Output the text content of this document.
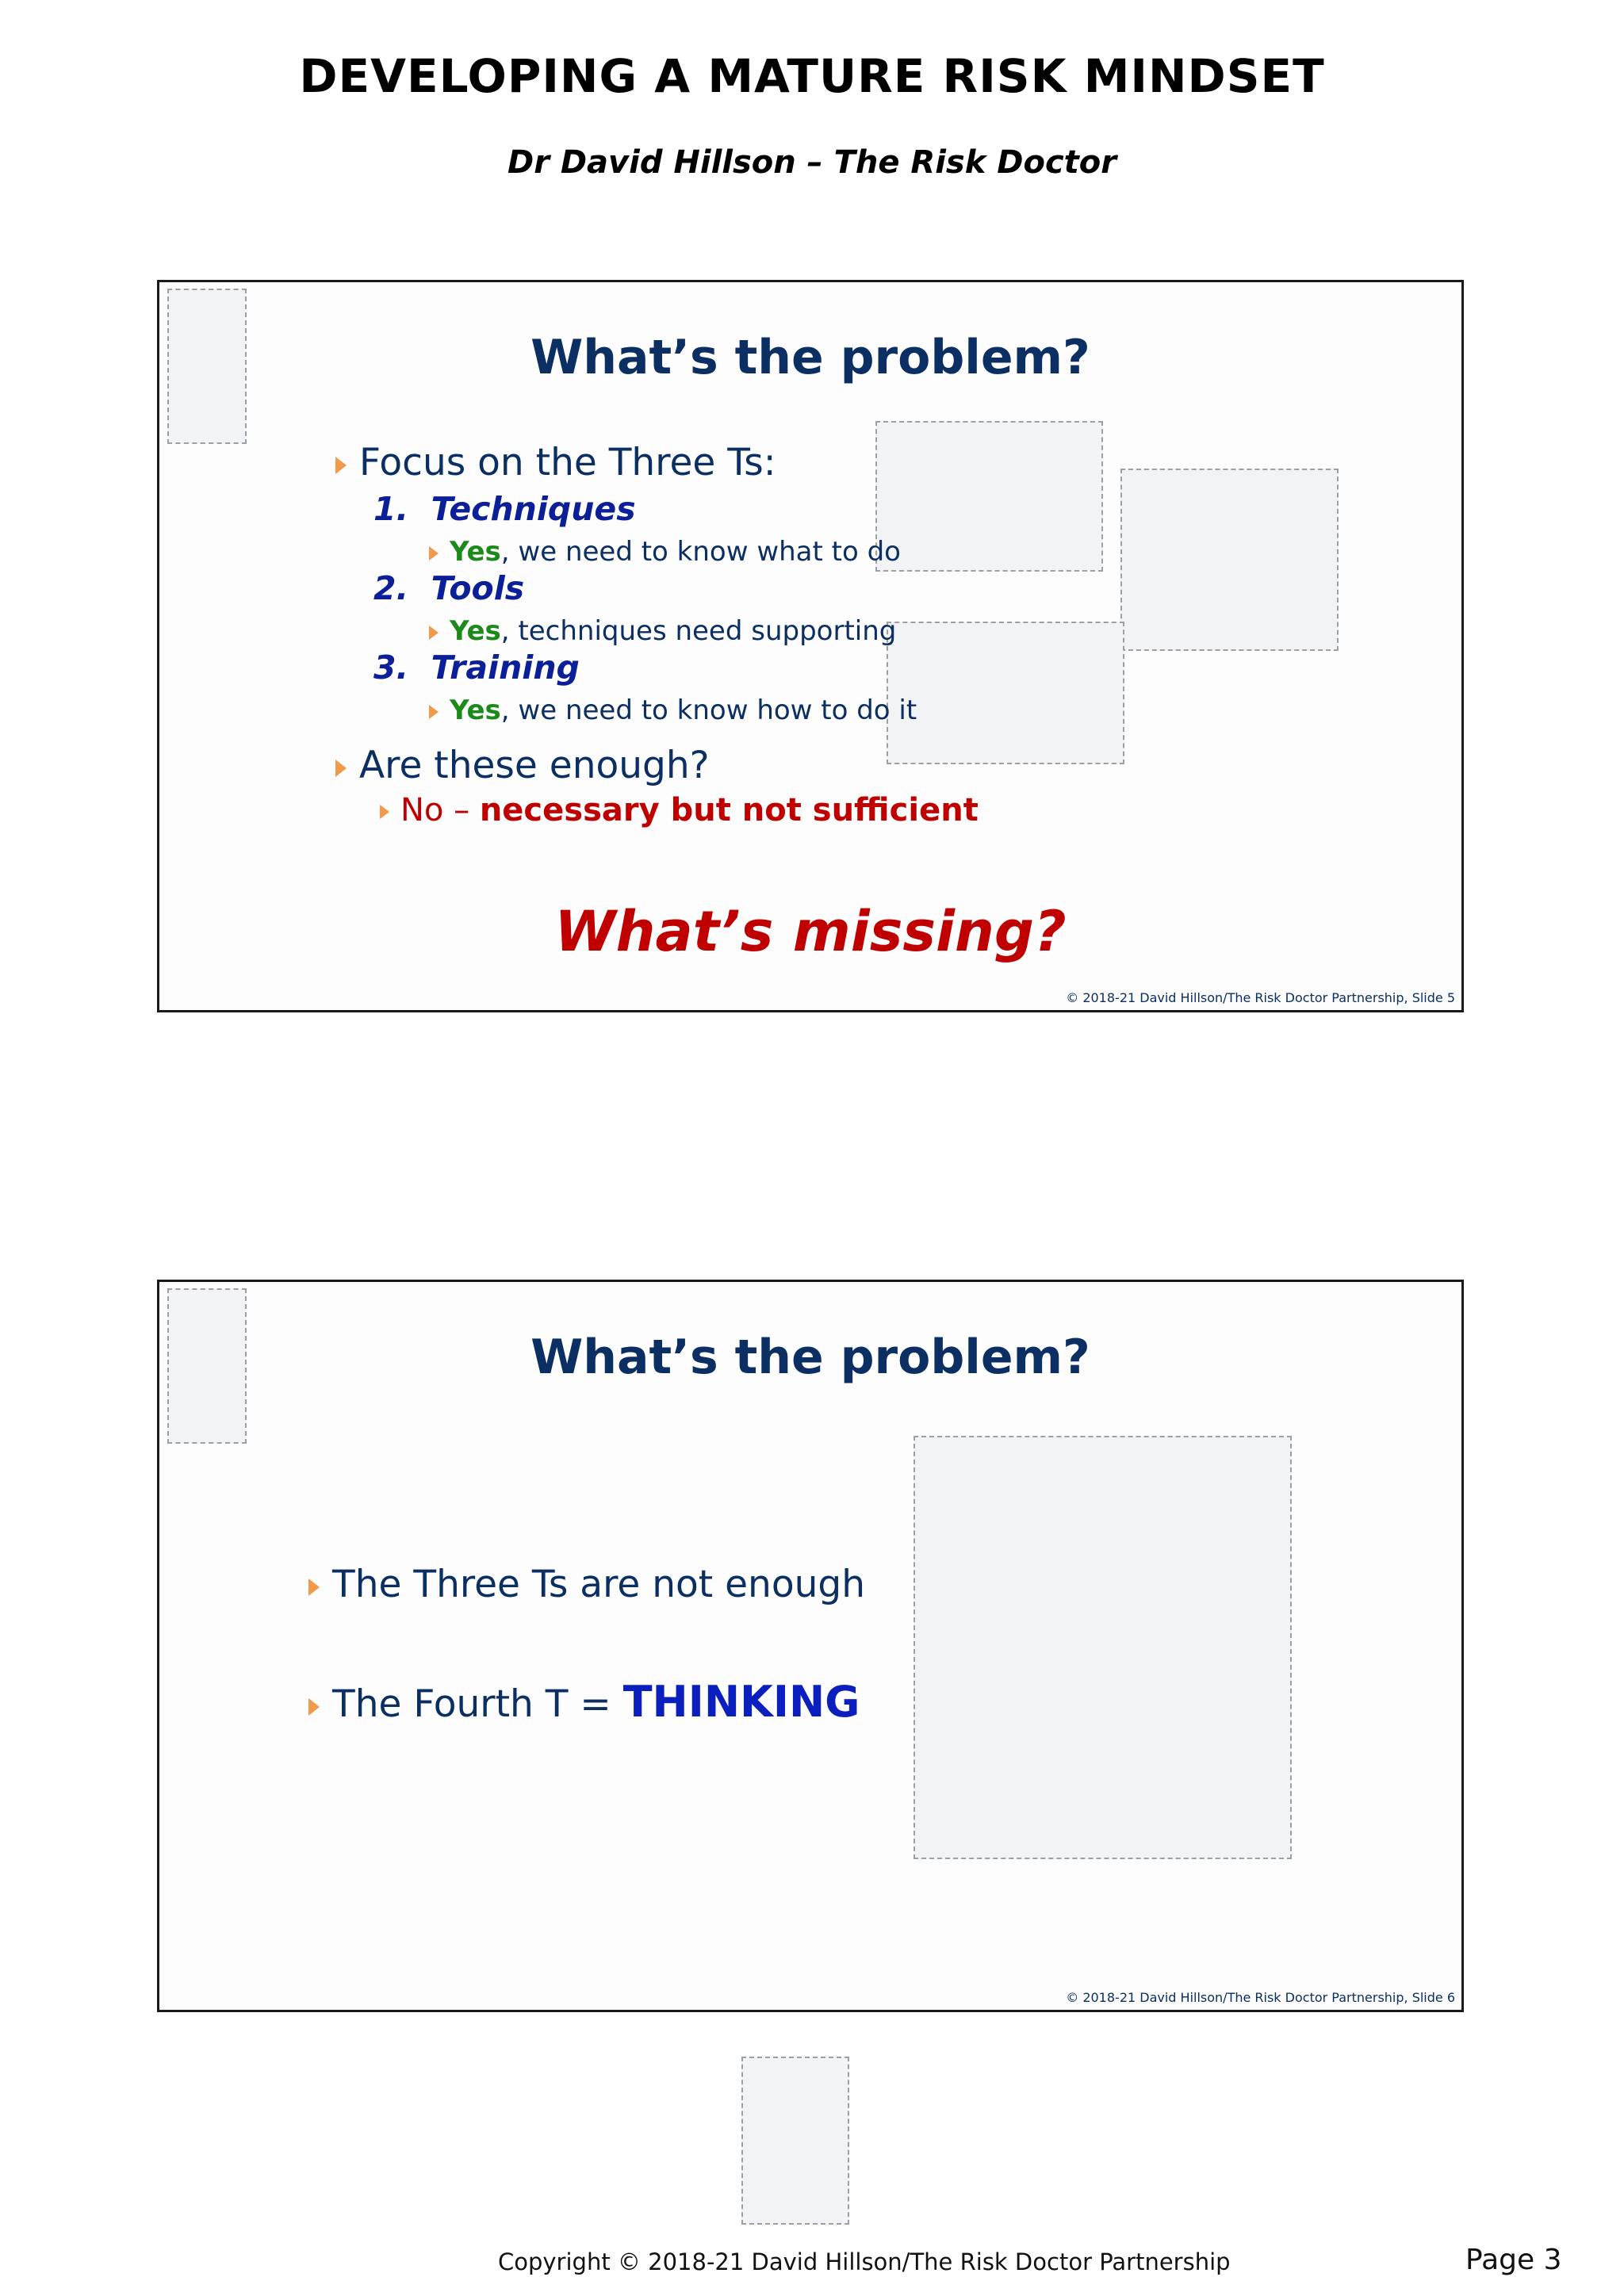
DEVELOPING A MATURE RISK MINDSET
Dr David Hillson – The Risk Doctor
What’s the problem?
Focus on the Three Ts:
1. Techniques
Yes, we need to know what to do
2. Tools
Yes, techniques need supporting
3. Training
Yes, we need to know how to do it
Are these enough?
No – necessary but not sufficient
What’s missing?
© 2018-21 David Hillson/The Risk Doctor Partnership, Slide 5
What’s the problem?
The Three Ts are not enough
The Fourth T = THINKING
© 2018-21 David Hillson/The Risk Doctor Partnership, Slide 6
Copyright © 2018-21 David Hillson/The Risk Doctor Partnership	Page 3
